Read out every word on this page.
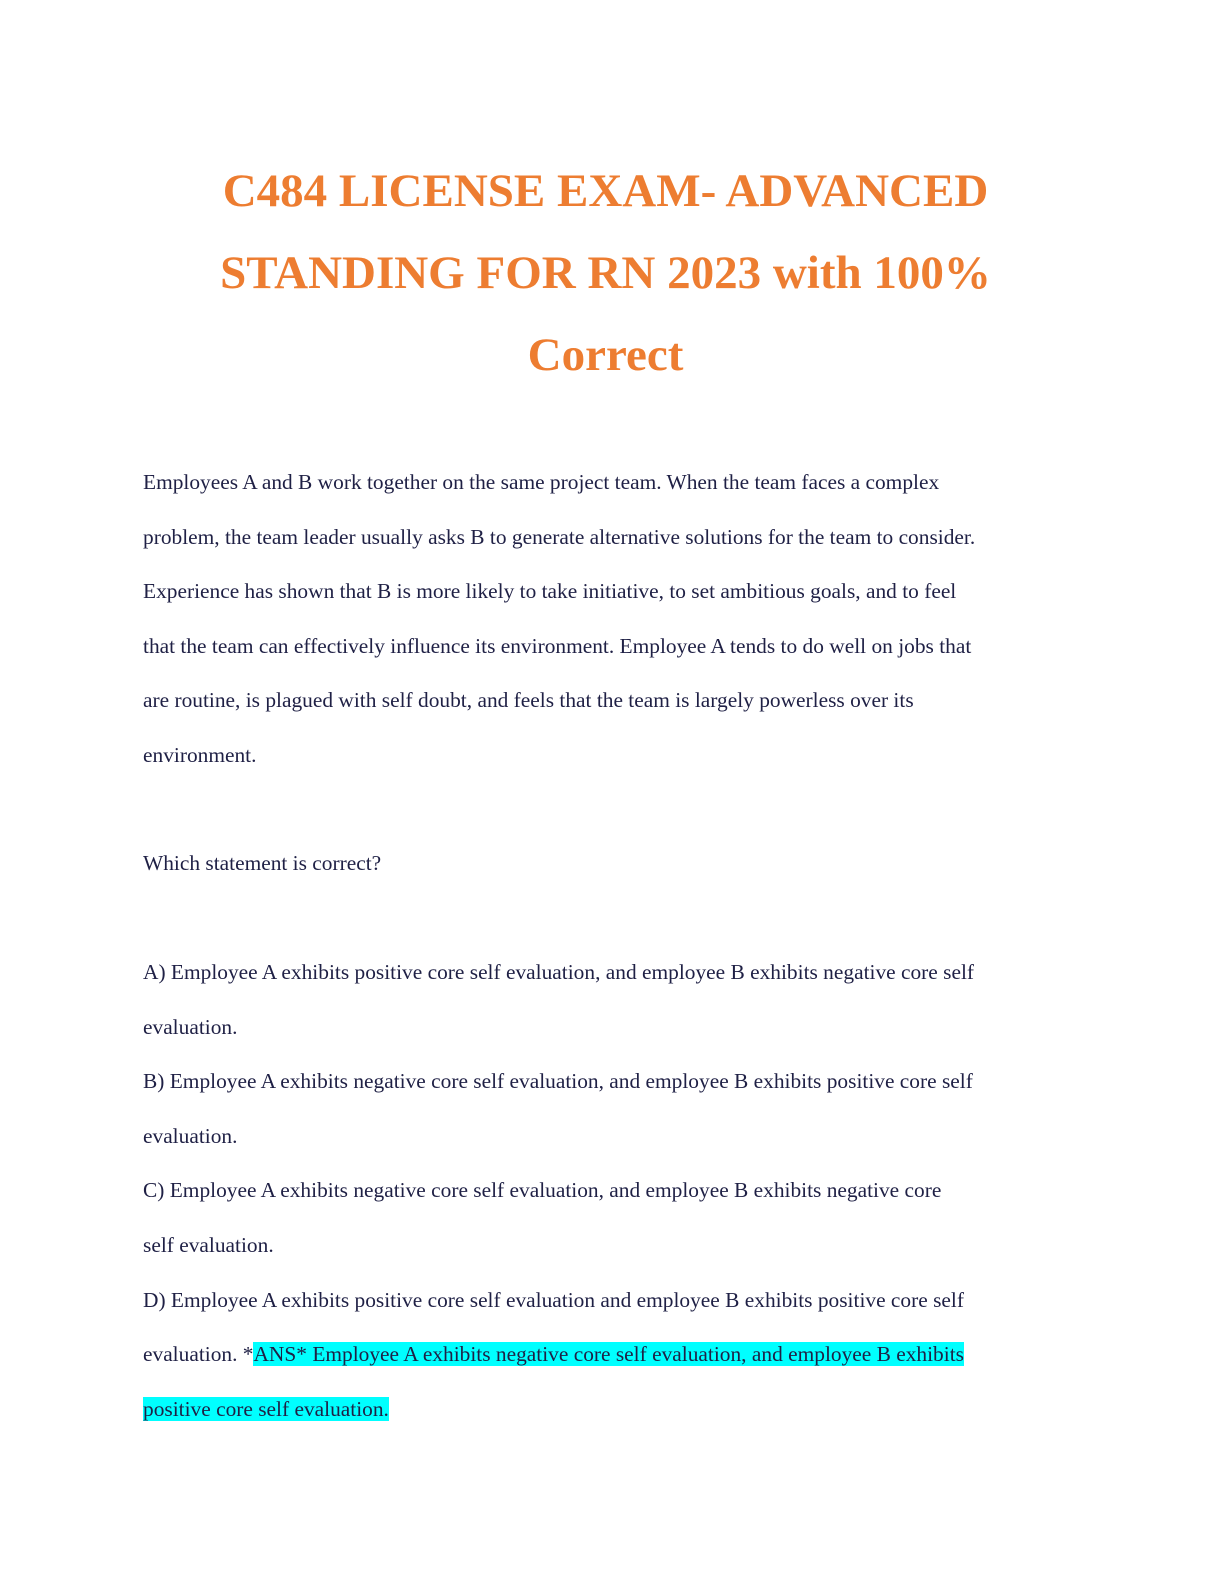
C484 LICENSE EXAM- ADVANCED
STANDING FOR RN 2023 with 100%
Correct
Employees A and B work together on the same project team. When the team faces a complex
problem, the team leader usually asks B to generate alternative solutions for the team to consider.
Experience has shown that B is more likely to take initiative, to set ambitious goals, and to feel
that the team can effectively influence its environment. Employee A tends to do well on jobs that
are routine, is plagued with self doubt, and feels that the team is largely powerless over its
environment.
Which statement is correct?
A) Employee A exhibits positive core self evaluation, and employee B exhibits negative core self
evaluation.
B) Employee A exhibits negative core self evaluation, and employee B exhibits positive core self
evaluation.
C) Employee A exhibits negative core self evaluation, and employee B exhibits negative core
self evaluation.
D) Employee A exhibits positive core self evaluation and employee B exhibits positive core self
evaluation. *ANS* Employee A exhibits negative core self evaluation, and employee B exhibits
positive core self evaluation.
